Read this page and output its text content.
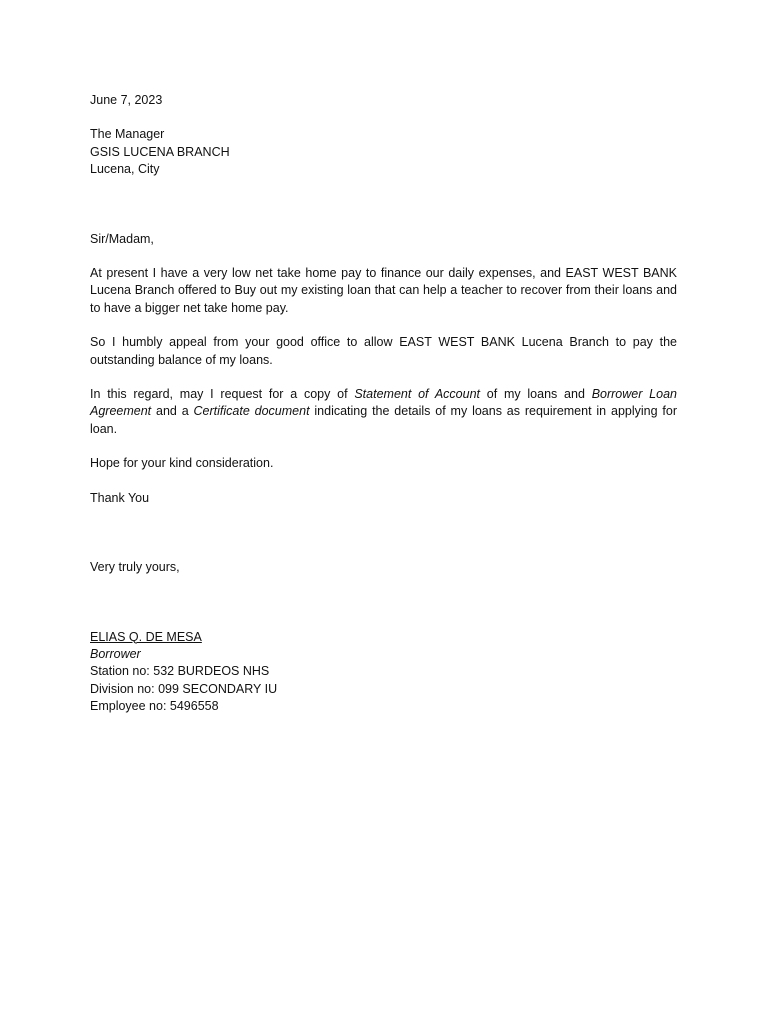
June 7, 2023

The Manager

GSIS LUCENA BRANCH

Lucena, City

Sir/Madam,

At present I have a very low net take home pay to finance our daily expenses, and EAST WEST BANK Lucena Branch offered to Buy out my existing loan that can help a teacher to recover from their loans and to have a bigger net take home pay.

So I humbly appeal from your good office to allow EAST WEST BANK Lucena Branch to pay the outstanding balance of my loans.

In this regard, may I request for a copy of Statement of Account of my loans and Borrower Loan Agreement and a Certificate document indicating the details of my loans as requirement in applying for loan.

Hope for your kind consideration.

Thank You

Very truly yours,

ELIAS Q. DE MESA

Borrower

Station no: 532 BURDEOS NHS

Division no: 099 SECONDARY IU

Employee no: 5496558
